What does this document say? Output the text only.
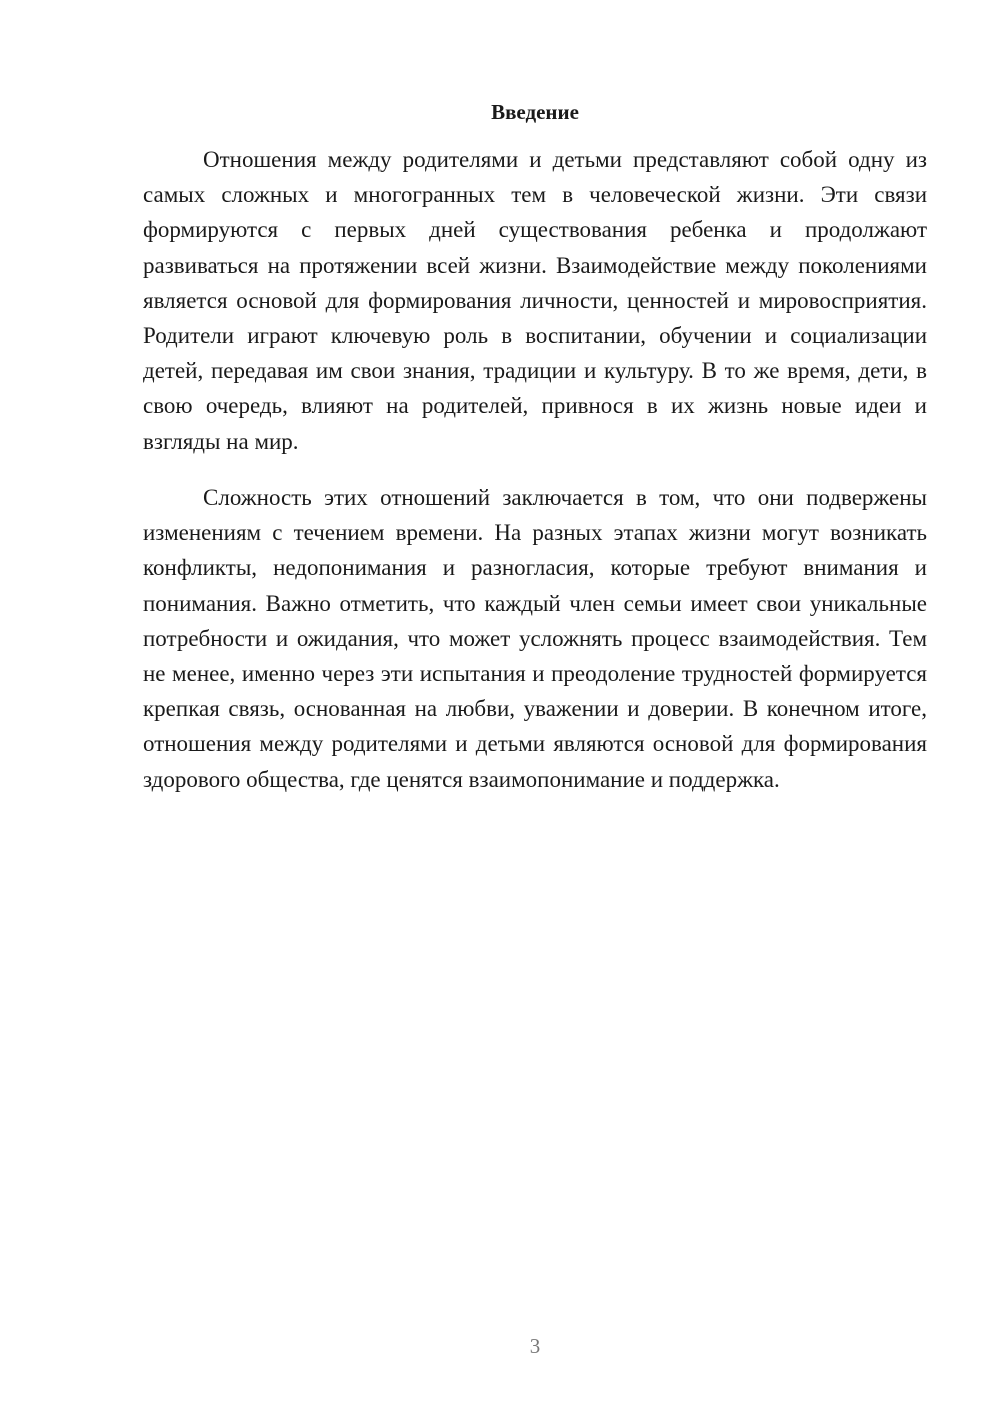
Введение

Отношения между родителями и детьми представляют собой одну из самых сложных и многогранных тем в человеческой жизни. Эти связи формируются с первых дней существования ребенка и продолжают развиваться на протяжении всей жизни. Взаимодействие между поколениями является основой для формирования личности, ценностей и мировосприятия. Родители играют ключевую роль в воспитании, обучении и социализации детей, передавая им свои знания, традиции и культуру. В то же время, дети, в свою очередь, влияют на родителей, привнося в их жизнь новые идеи и взгляды на мир.

Сложность этих отношений заключается в том, что они подвержены изменениям с течением времени. На разных этапах жизни могут возникать конфликты, недопонимания и разногласия, которые требуют внимания и понимания. Важно отметить, что каждый член семьи имеет свои уникальные потребности и ожидания, что может усложнять процесс взаимодействия. Тем не менее, именно через эти испытания и преодоление трудностей формируется крепкая связь, основанная на любви, уважении и доверии. В конечном итоге, отношения между родителями и детьми являются основой для формирования здорового общества, где ценятся взаимопонимание и поддержка.

3
